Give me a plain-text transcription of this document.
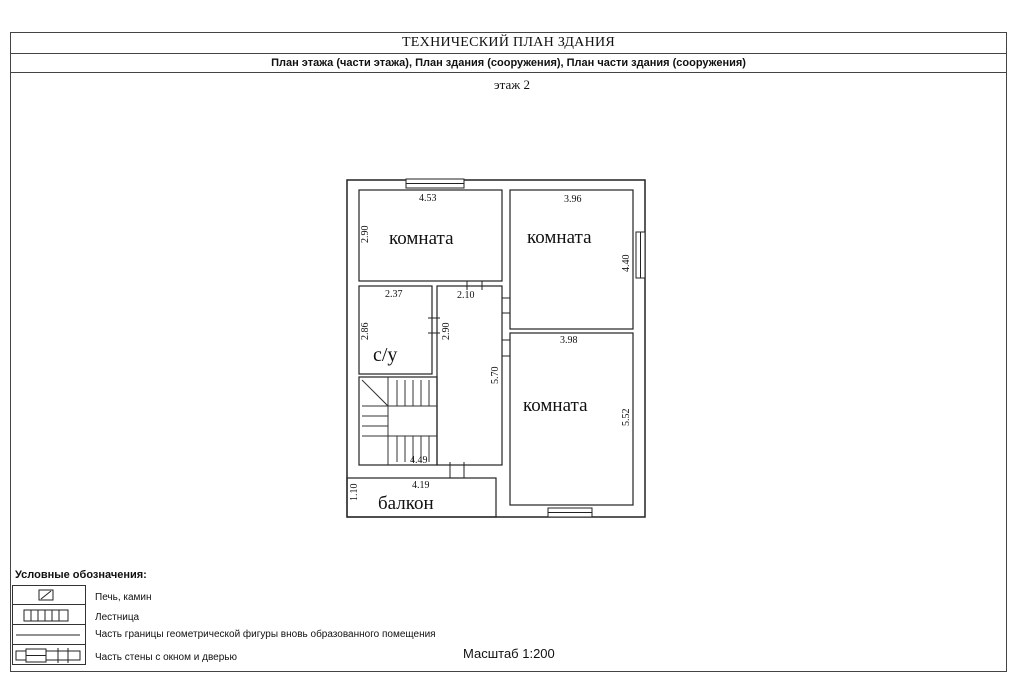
ТЕХНИЧЕСКИЙ ПЛАН ЗДАНИЯ
План этажа (части этажа), План здания (сооружения), План части здания (сооружения)
этаж 2
комната	комната
с/у
комната
балкон
4.53
2.90
3.96
4.40
2.37
2.86
2.10
2.90
5.70
3.98
5.52
4.49
4.19
1.10
Условные обозначения:
Печь, камин
Лестница
Часть границы геометрической фигуры вновь образованного помещения
Часть стены с окном и дверью	Масштаб 1:200
